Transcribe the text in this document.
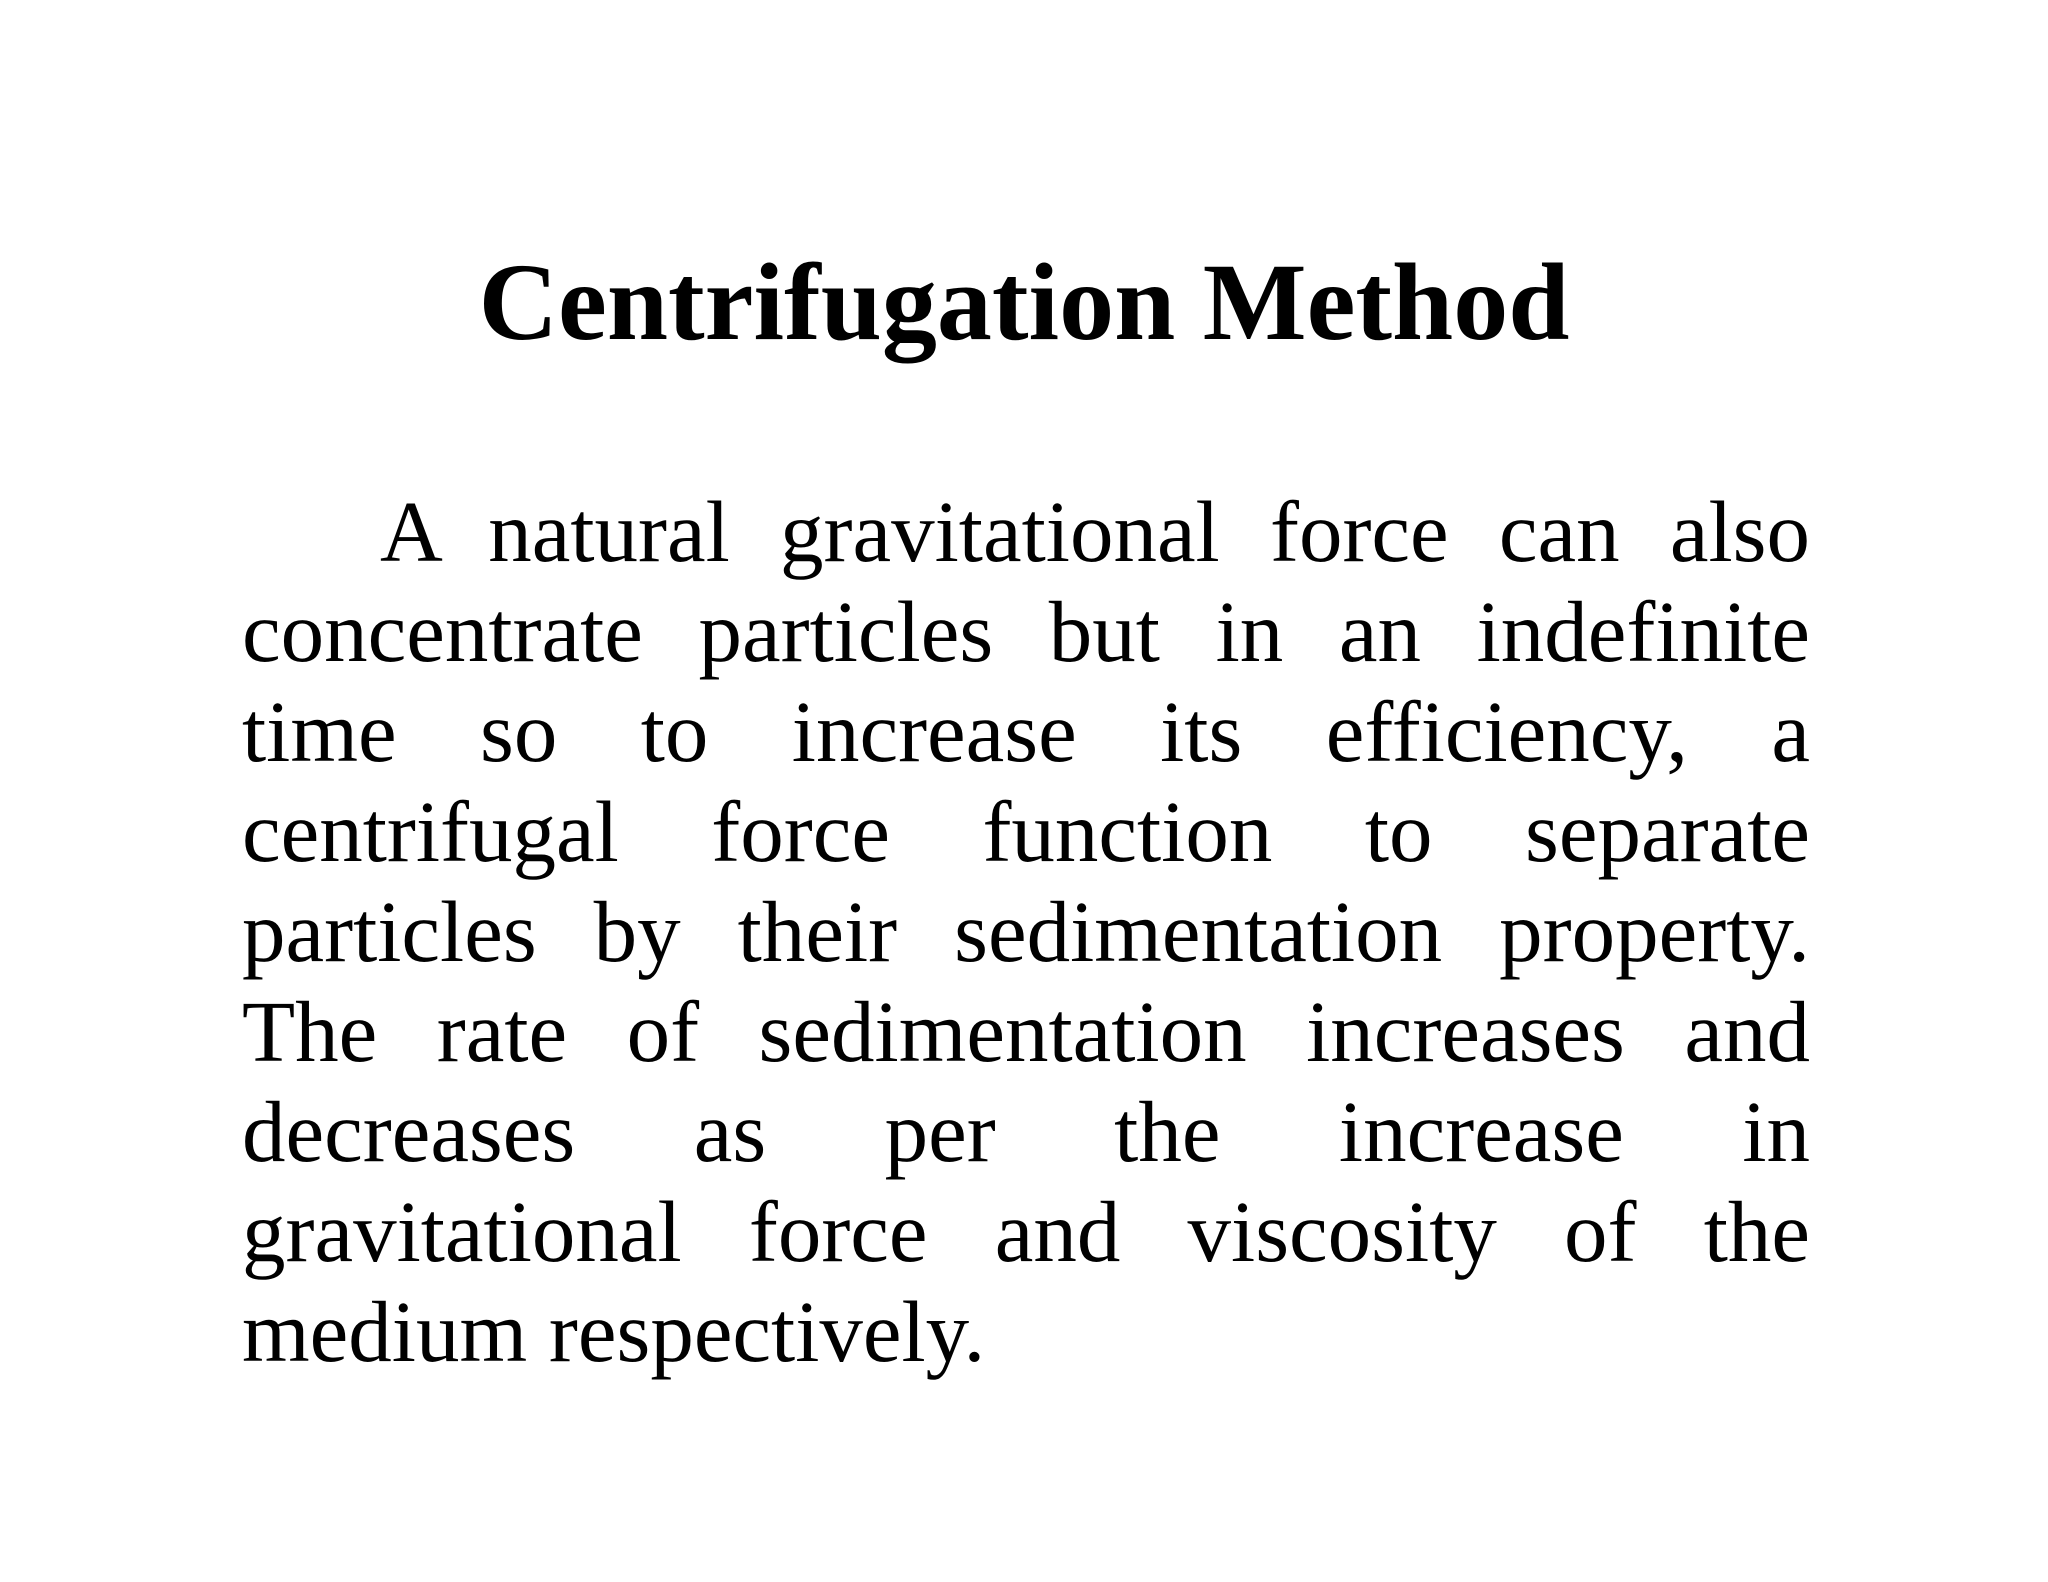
Centrifugation Method
A natural gravitational force can also
concentrate particles but in an indefinite
time so to increase its efficiency, a
centrifugal force function to separate
particles by their sedimentation property.
The rate of sedimentation increases and
decreases as per the increase in
gravitational force and viscosity of the
medium respectively.
